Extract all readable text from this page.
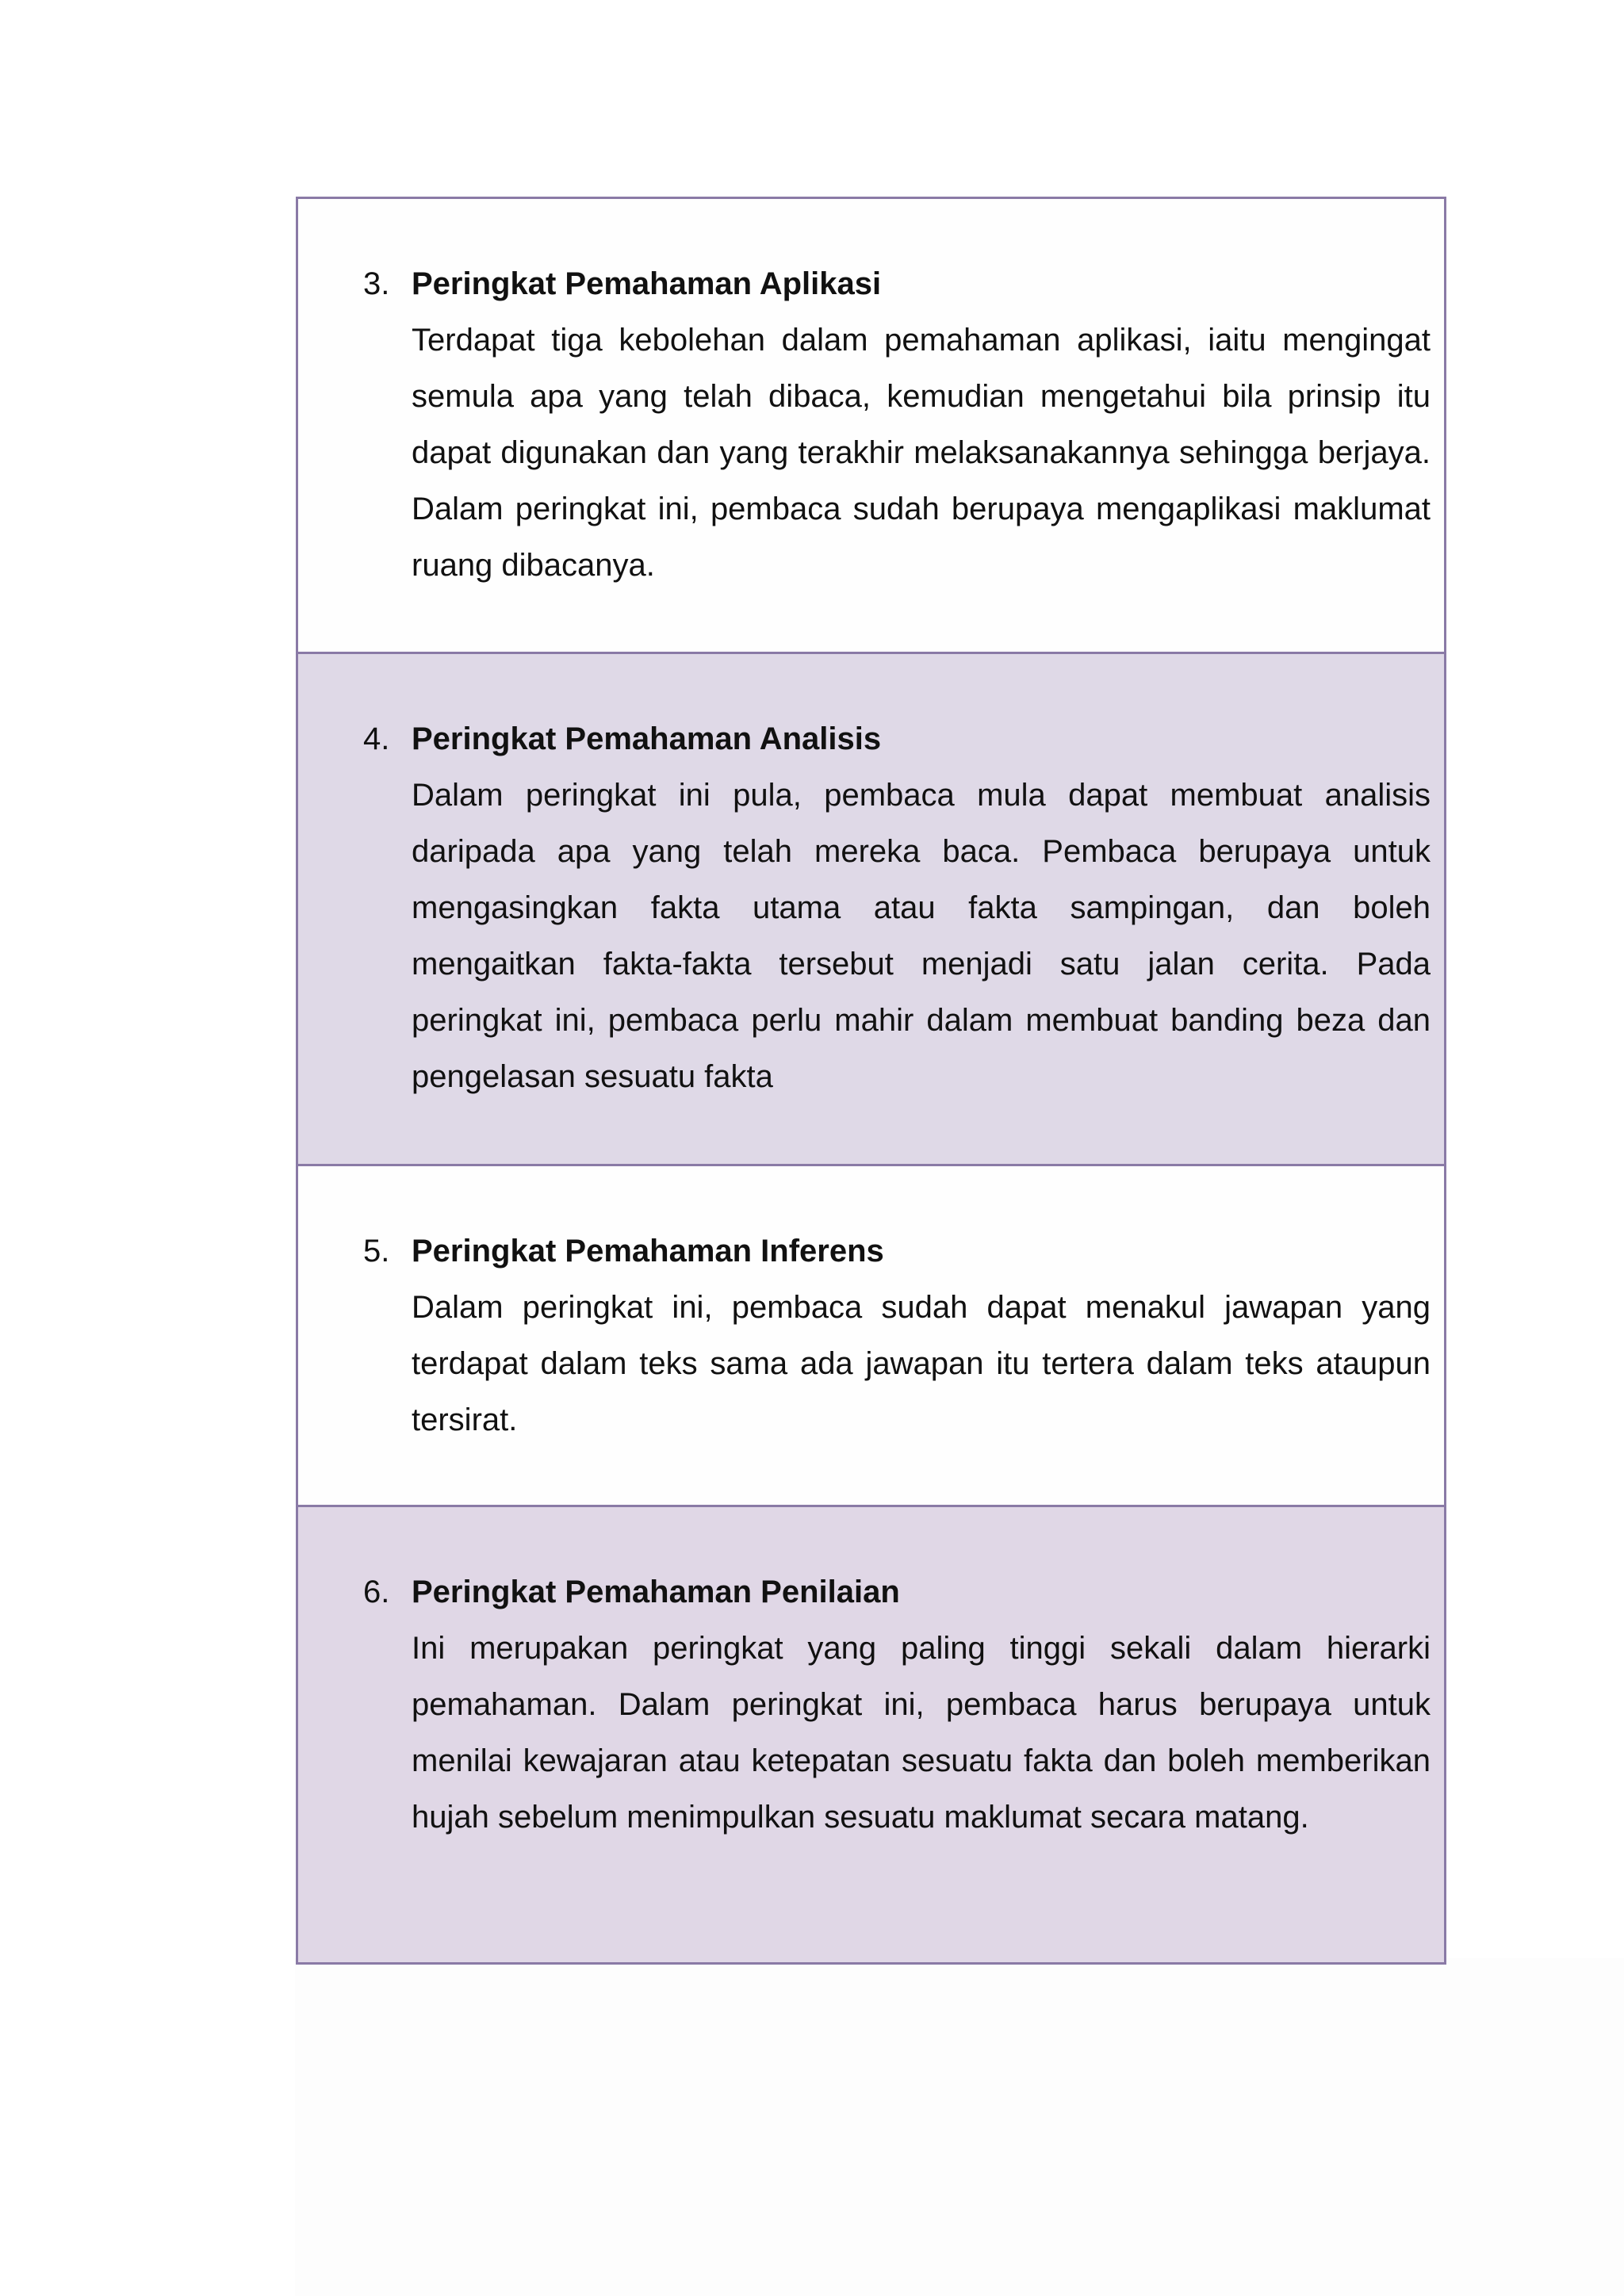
3. Peringkat Pemahaman Aplikasi

Terdapat tiga kebolehan dalam pemahaman aplikasi, iaitu mengingat semula apa yang telah dibaca, kemudian mengetahui bila prinsip itu dapat digunakan dan yang terakhir melaksanakannya sehingga berjaya. Dalam peringkat ini, pembaca sudah berupaya mengaplikasi maklumat ruang dibacanya.

4. Peringkat Pemahaman Analisis

Dalam peringkat ini pula, pembaca mula dapat membuat analisis daripada apa yang telah mereka baca. Pembaca berupaya untuk mengasingkan fakta utama atau fakta sampingan, dan boleh mengaitkan fakta-fakta tersebut menjadi satu jalan cerita. Pada peringkat ini, pembaca perlu mahir dalam membuat banding beza dan pengelasan sesuatu fakta

5. Peringkat Pemahaman Inferens

Dalam peringkat ini, pembaca sudah dapat menakul jawapan yang terdapat dalam teks sama ada jawapan itu tertera dalam teks ataupun tersirat.

6. Peringkat Pemahaman Penilaian

Ini merupakan peringkat yang paling tinggi sekali dalam hierarki pemahaman. Dalam peringkat ini, pembaca harus berupaya untuk menilai kewajaran atau ketepatan sesuatu fakta dan boleh memberikan hujah sebelum menimpulkan sesuatu maklumat secara matang.
